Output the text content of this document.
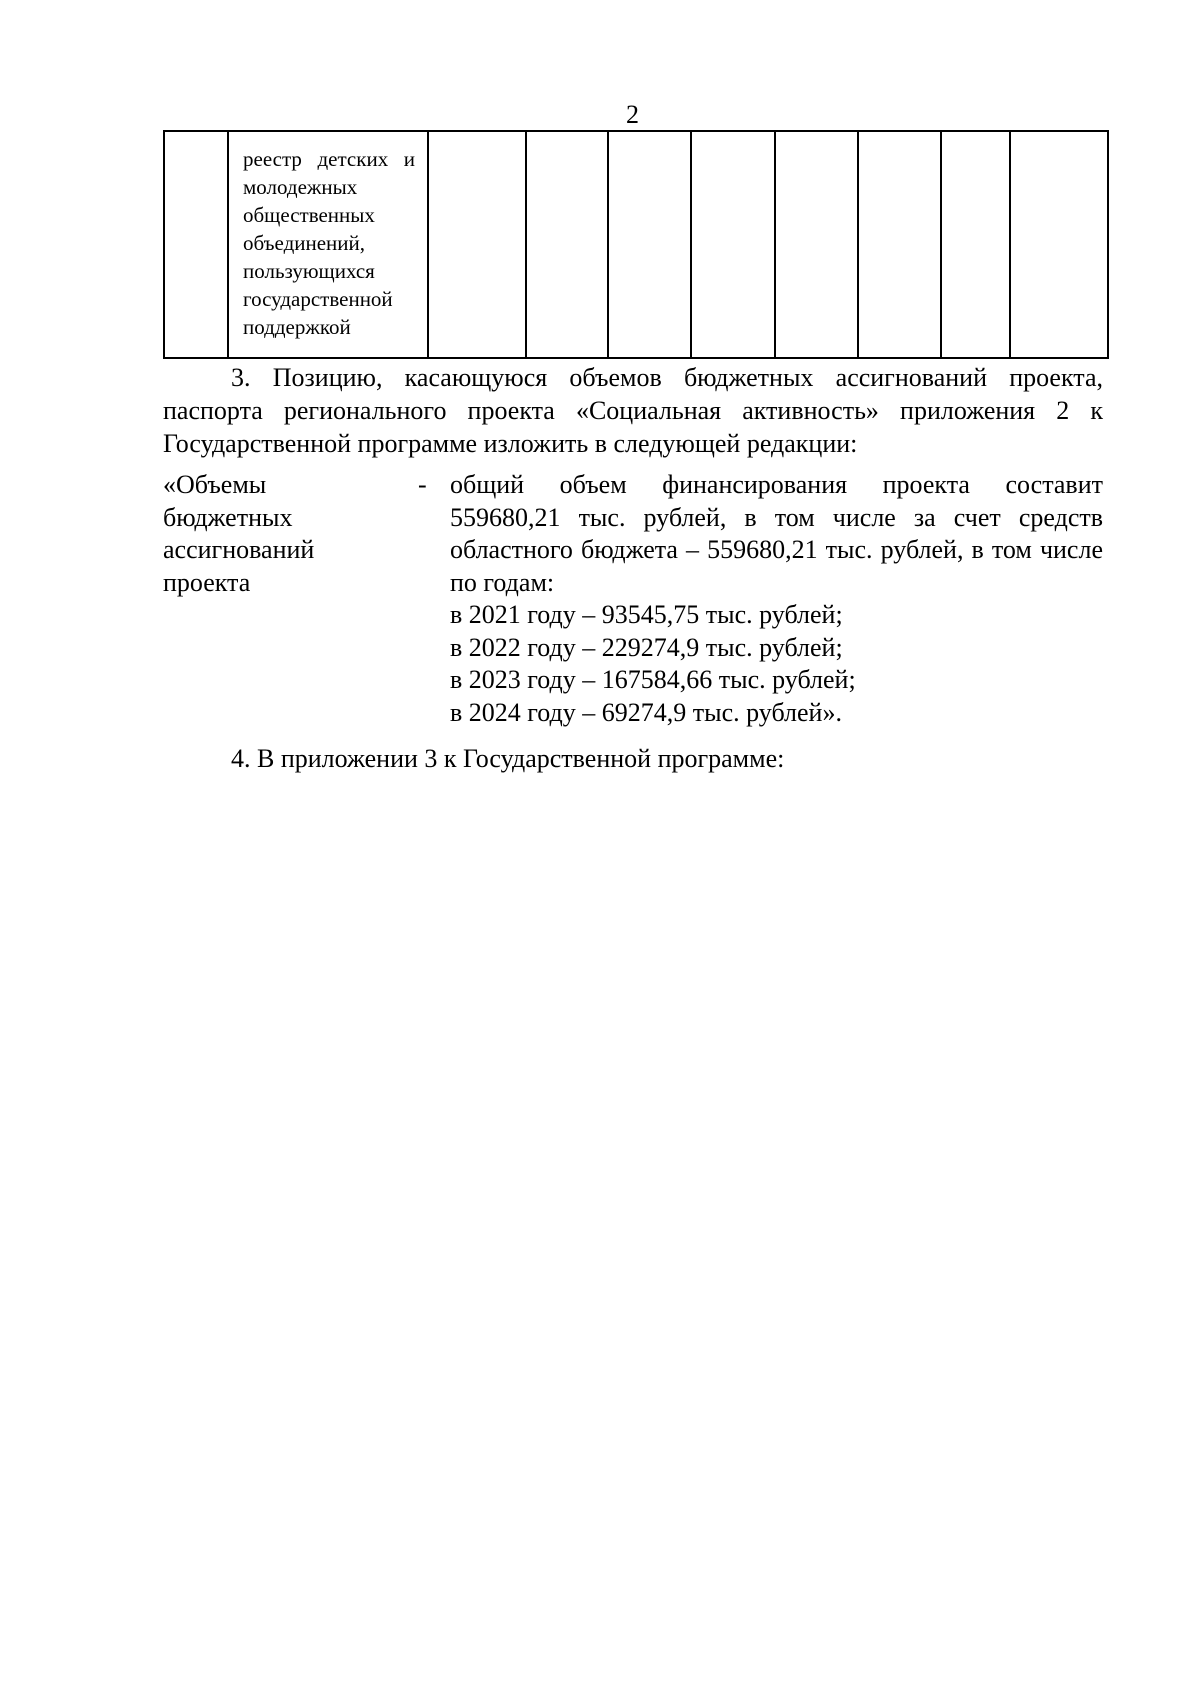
2

реестр детских и молодежных общественных объединений, пользующихся государственной поддержкой

3. Позицию, касающуюся объемов бюджетных ассигнований проекта, паспорта регионального проекта «Социальная активность» приложения 2 к Государственной программе изложить в следующей редакции:
«Объемы
бюджетных
ассигнований
проекта
- общий объем финансирования проекта составит 559680,21 тыс. рублей, в том числе за счет средств областного бюджета – 559680,21 тыс. рублей, в том числе по годам:
в 2021 году – 93545,75 тыс. рублей;
в 2022 году – 229274,9 тыс. рублей;
в 2023 году – 167584,66 тыс. рублей;
в 2024 году – 69274,9 тыс. рублей».
4. В приложении 3 к Государственной программе:
